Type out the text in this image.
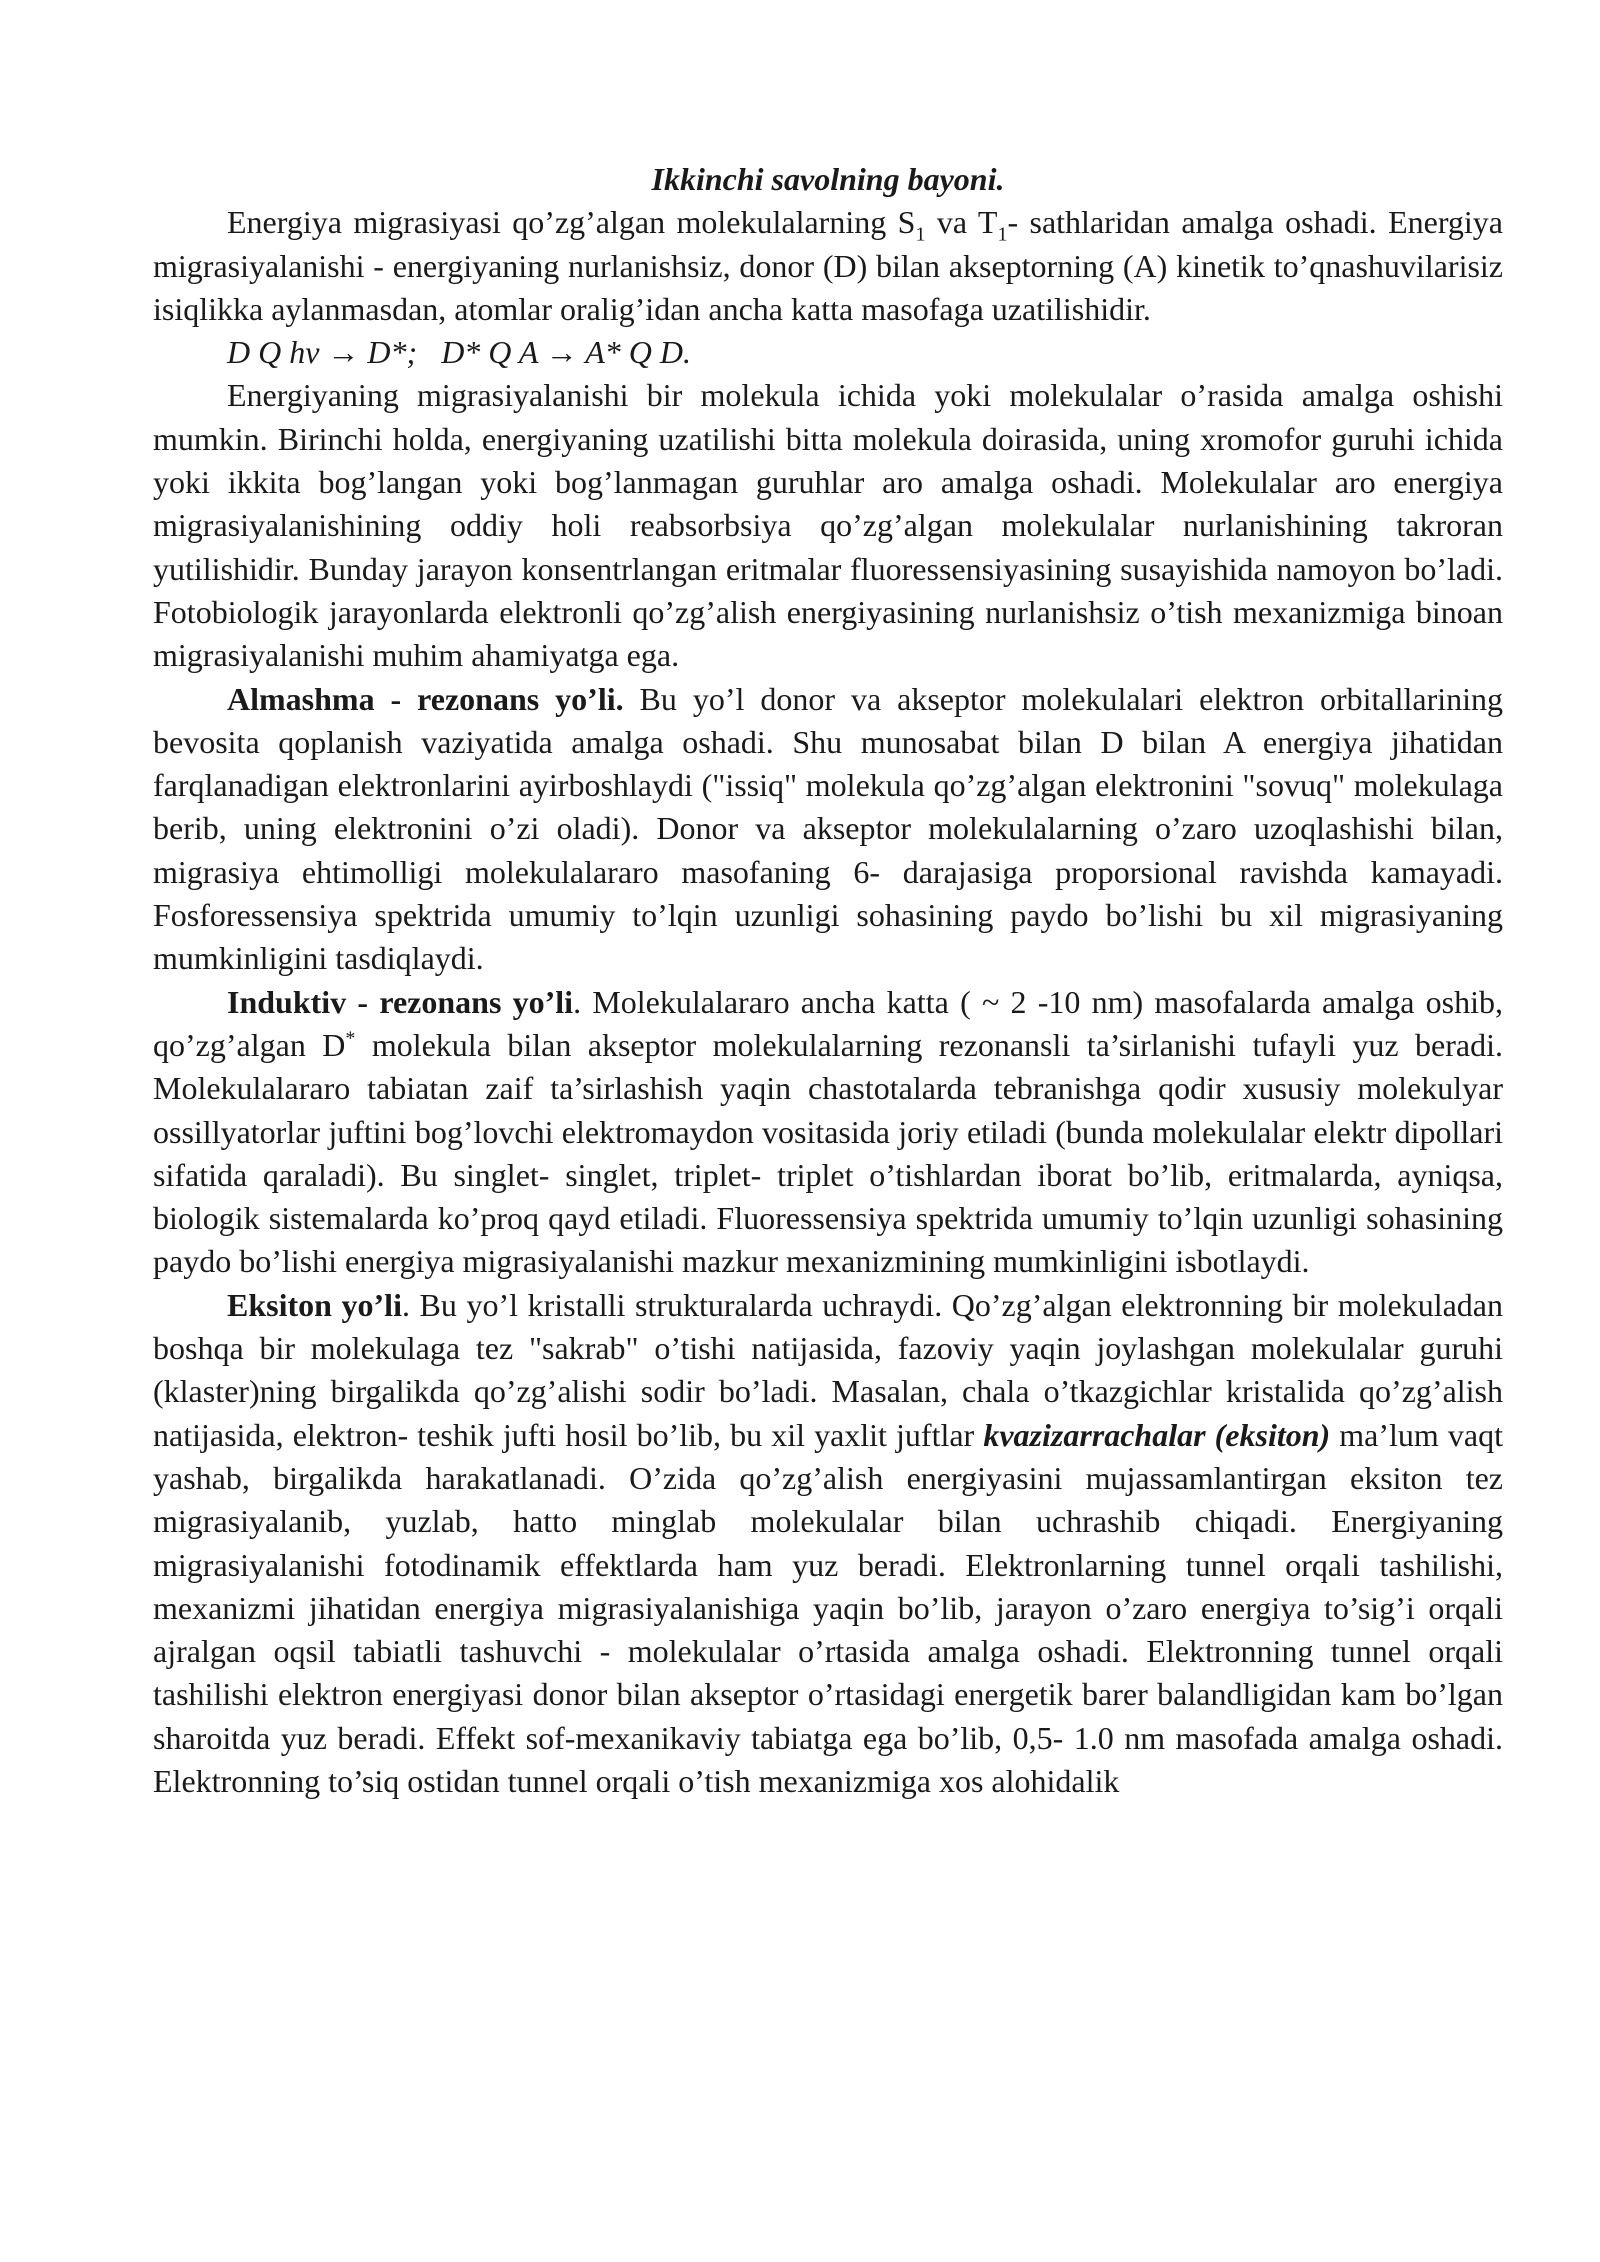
Ikkinchi savolning bayoni.

Energiya migrasiyasi qo’zg’algan molekulalarning $S_1$ va $T_1-$ sathlaridan amalga oshadi. Energiya migrasiyalanishi - energiyaning nurlanishsiz, donor (D) bilan akseptorning (A) kinetik to’qnashuvilarisiz isiqlikka aylanmasdan, atomlar oralig’idan ancha katta masofaga uzatilishidir.

D Q hν → D*;   D* Q A → A* Q D.

Energiyaning migrasiyalanishi bir molekula ichida yoki molekulalar o’rasida amalga oshishi mumkin. Birinchi holda, energiyaning uzatilishi bitta molekula doirasida, uning xromofor guruhi ichida yoki ikkita bog’langan yoki bog’lanmagan guruhlar aro amalga oshadi. Molekulalar aro energiya migrasiyalanishining oddiy holi reabsorbsiya qo’zg’algan molekulalar nurlanishining takroran yutilishidir. Bunday jarayon konsentrlangan eritmalar fluoressensiyasining susayishida namoyon bo’ladi. Fotobiologik jarayonlarda elektronli qo’zg’alish energiyasining nurlanishsiz o’tish mexanizmiga binoan migrasiyalanishi muhim ahamiyatga ega.

Almashma - rezonans yo’li. Bu yo’l donor va akseptor molekulalari elektron orbitallarining bevosita qoplanish vaziyatida amalga oshadi. Shu munosabat bilan D bilan A energiya jihatidan farqlanadigan elektronlarini ayirboshlaydi ("issiq" molekula qo’zg’algan elektronini "sovuq" molekulaga berib, uning elektronini o’zi oladi). Donor va akseptor molekulalarning o’zaro uzoqlashishi bilan, migrasiya ehtimolligi molekulalararo masofaning 6- darajasiga proporsional ravishda kamayadi. Fosforessensiya spektrida umumiy to’lqin uzunligi sohasining paydo bo’lishi bu xil migrasiyaning mumkinligini tasdiqlaydi.

Induktiv - rezonans yo’li. Molekulalararo ancha katta ( ~ 2 -10 nm) masofalarda amalga oshib, qo’zg’algan D* molekula bilan akseptor molekulalarning rezonansli ta’sirlanishi tufayli yuz beradi. Molekulalararo tabiatan zaif ta’sirlashish yaqin chastotalarda tebranishga qodir xususiy molekulyar ossillyatorlar juftini bog’lovchi elektromaydon vositasida joriy etiladi (bunda molekulalar elektr dipollari sifatida qaraladi). Bu singlet- singlet, triplet- triplet o’tishlardan iborat bo’lib, eritmalarda, ayniqsa, biologik sistemalarda ko’proq qayd etiladi. Fluoressensiya spektrida umumiy to’lqin uzunligi sohasining paydo bo’lishi energiya migrasiyalanishi mazkur mexanizmining mumkinligini isbotlaydi.

Eksiton yo’li. Bu yo’l kristalli strukturalarda uchraydi. Qo’zg’algan elektronning bir molekuladan boshqa bir molekulaga tez "sakrab" o’tishi natijasida, fazoviy yaqin joylashgan molekulalar guruhi (klaster)ning birgalikda qo’zg’alishi sodir bo’ladi. Masalan, chala o’tkazgichlar kristalida qo’zg’alish natijasida, elektron- teshik jufti hosil bo’lib, bu xil yaxlit juftlar kvazizarrachalar (eksiton) ma’lum vaqt yashab, birgalikda harakatlanadi. O’zida qo’zg’alish energiyasini mujassamlantirgan eksiton tez migrasiyalanib, yuzlab, hatto minglab molekulalar bilan uchrashib chiqadi. Energiyaning migrasiyalanishi fotodinamik effektlarda ham yuz beradi. Elektronlarning tunnel orqali tashilishi, mexanizmi jihatidan energiya migrasiyalanishiga yaqin bo’lib, jarayon o’zaro energiya to’sig’i orqali ajralgan oqsil tabiatli tashuvchi - molekulalar o’rtasida amalga oshadi. Elektronning tunnel orqali tashilishi elektron energiyasi donor bilan akseptor o’rtasidagi energetik barer balandligidan kam bo’lgan sharoitda yuz beradi. Effekt sof-mexanikaviy tabiatga ega bo’lib, 0,5- 1.0 nm masofada amalga oshadi. Elektronning to’siq ostidan tunnel orqali o’tish mexanizmiga xos alohidalik
